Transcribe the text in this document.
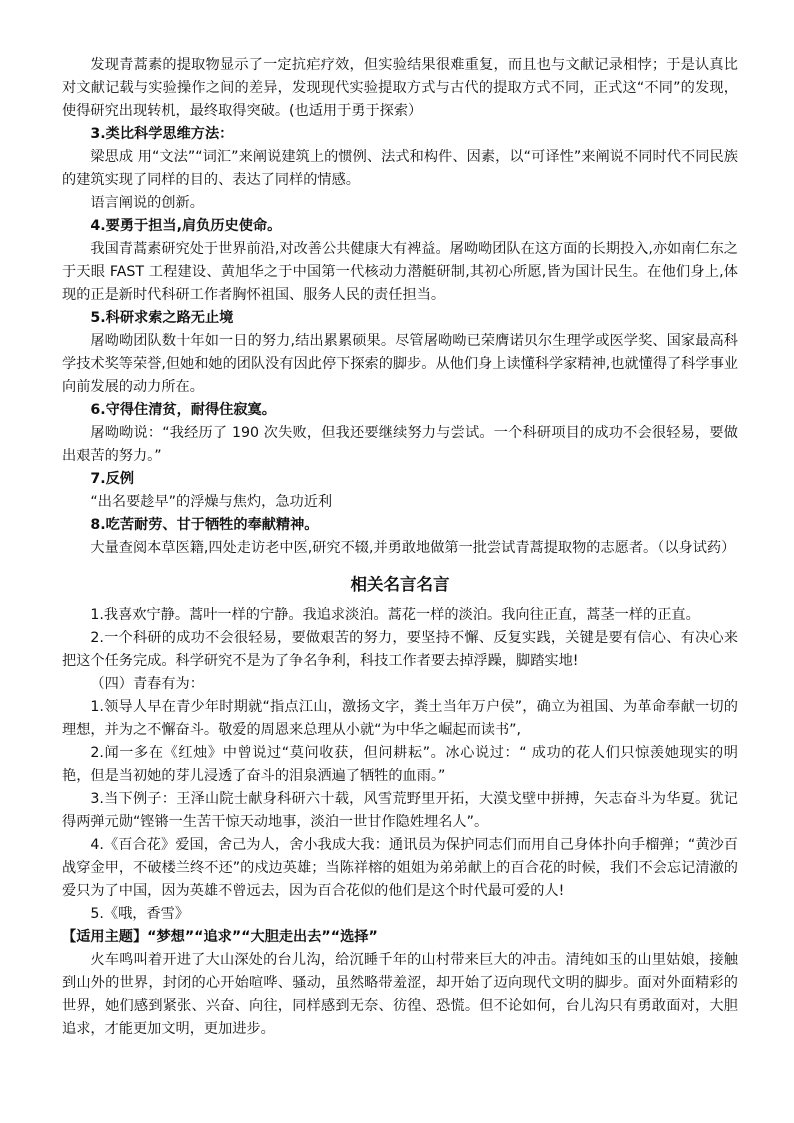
发现青蒿素的提取物显示了一定抗疟疗效，但实验结果很难重复，而且也与文献记录相悖；于是认真比对文献记载与实验操作之间的差异，发现现代实验提取方式与古代的提取方式不同，正式这“不同”的发现，使得研究出现转机，最终取得突破。(也适用于勇于探索）

3.类比科学思维方法：

梁思成 用“文法”“词汇”来阐说建筑上的惯例、法式和构件、因素，以“可译性”来阐说不同时代不同民族的建筑实现了同样的目的、表达了同样的情感。

语言阐说的创新。

4.要勇于担当,肩负历史使命。

我国青蒿素研究处于世界前沿,对改善公共健康大有裨益。屠呦呦团队在这方面的长期投入,亦如南仁东之于天眼 FAST 工程建设、黄旭华之于中国第一代核动力潜艇研制,其初心所愿,皆为国计民生。在他们身上,体现的正是新时代科研工作者胸怀祖国、服务人民的责任担当。

5.科研求索之路无止境

屠呦呦团队数十年如一日的努力,结出累累硕果。尽管屠呦呦已荣膺诺贝尔生理学或医学奖、国家最高科学技术奖等荣誉,但她和她的团队没有因此停下探索的脚步。从他们身上读懂科学家精神,也就懂得了科学事业向前发展的动力所在。

6.守得住清贫，耐得住寂寞。

屠呦呦说：“我经历了 190 次失败，但我还要继续努力与尝试。一个科研项目的成功不会很轻易，要做出艰苦的努力。”

7.反例

“出名要趁早”的浮燥与焦灼，急功近利

8.吃苦耐劳、甘于牺牲的奉献精神。

大量查阅本草医籍,四处走访老中医,研究不辍,并勇敢地做第一批尝试青蒿提取物的志愿者。（以身试药）

相关名言名言

1.我喜欢宁静。蒿叶一样的宁静。我追求淡泊。蒿花一样的淡泊。我向往正直，蒿茎一样的正直。

2.一个科研的成功不会很轻易，要做艰苦的努力，要坚持不懈、反复实践，关键是要有信心、有决心来把这个任务完成。科学研究不是为了争名争利，科技工作者要去掉浮躁，脚踏实地!

（四）青春有为：

1.领导人早在青少年时期就“指点江山，激扬文字，粪土当年万户侯”，确立为祖国、为革命奉献一切的理想，并为之不懈奋斗。敬爱的周恩来总理从小就“为中华之崛起而读书”,

2.闻一多在《红烛》中曾说过“莫问收获，但问耕耘”。冰心说过：“ 成功的花人们只惊羡她现实的明艳，但是当初她的芽儿浸透了奋斗的泪泉洒遍了牺牲的血雨。”

3.当下例子：王泽山院士献身科研六十载，风雪荒野里开拓，大漠戈壁中拼搏，矢志奋斗为华夏。犹记得两弹元勋“铿锵一生苦干惊天动地事，淡泊一世甘作隐姓埋名人”。

4.《百合花》爱国，舍己为人，舍小我成大我：通讯员为保护同志们而用自己身体扑向手榴弹；“黄沙百战穿金甲，不破楼兰终不还”的戍边英雄；当陈祥榕的姐姐为弟弟献上的百合花的时候，我们不会忘记清澈的爱只为了中国，因为英雄不曾远去，因为百合花似的他们是这个时代最可爱的人!

5.《哦，香雪》

【适用主题】“梦想”“追求”“大胆走出去”“选择”

火车鸣叫着开进了大山深处的台儿沟，给沉睡千年的山村带来巨大的冲击。清纯如玉的山里姑娘，接触到山外的世界，封闭的心开始喧哗、骚动，虽然略带羞涩，却开始了迈向现代文明的脚步。面对外面精彩的世界，她们感到紧张、兴奋、向往，同样感到无奈、彷徨、恐慌。但不论如何，台儿沟只有勇敢面对，大胆追求，才能更加文明，更加进步。
